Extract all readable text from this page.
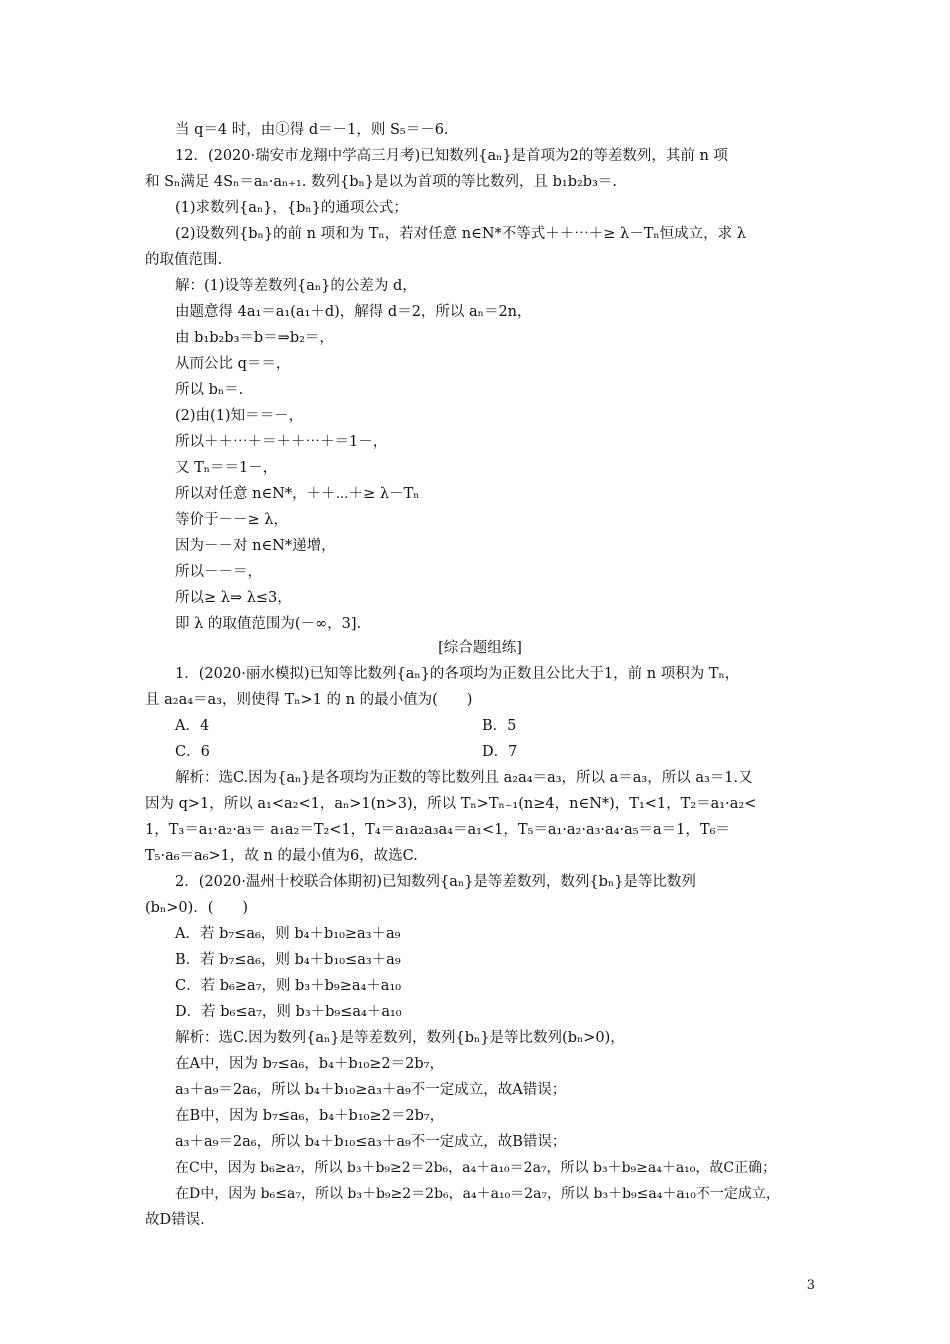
当 q＝4 时，由①得 d＝－1，则 S₅＝－6.
12．(2020·瑞安市龙翔中学高三月考)已知数列{aₙ}是首项为2的等差数列，其前 n 项
和 Sₙ满足 4Sₙ＝aₙ·aₙ₊₁. 数列{bₙ}是以为首项的等比数列，且 b₁b₂b₃＝.
(1)求数列{aₙ}，{bₙ}的通项公式；
(2)设数列{bₙ}的前 n 项和为 Tₙ，若对任意 n∈N*不等式＋＋⋯＋≥ λ－Tₙ恒成立，求 λ
的取值范围.
解：(1)设等差数列{aₙ}的公差为 d，
由题意得 4a₁＝a₁(a₁＋d)，解得 d＝2，所以 aₙ＝2n，
由 b₁b₂b₃＝b＝⇒b₂＝，
从而公比 q＝＝，
所以 bₙ＝.
(2)由(1)知＝＝－，
所以＋＋⋯＋＝＋＋⋯＋＝1－，
又 Tₙ＝＝1－，
所以对任意 n∈N*，＋＋⋯＋≥ λ－Tₙ
等价于－－≥ λ，
因为－－对 n∈N*递增，
所以－－＝，
所以≥ λ⇒ λ≤3，
即 λ 的取值范围为(－∞，3].
[综合题组练]
1．(2020·丽水模拟)已知等比数列{aₙ}的各项均为正数且公比大于1，前 n 项积为 Tₙ，
且 a₂a₄＝a₃，则使得 Tₙ>1 的 n 的最小值为(　　)
A．4	B．5
C．6	D．7
解析：选C.因为{aₙ}是各项均为正数的等比数列且 a₂a₄＝a₃，所以 a＝a₃，所以 a₃＝1.又
因为 q>1，所以 a₁<a₂<1，aₙ>1(n>3)，所以 Tₙ>Tₙ₋₁(n≥4，n∈N*)，T₁<1，T₂＝a₁·a₂<
1，T₃＝a₁·a₂·a₃＝ a₁a₂＝T₂<1，T₄＝a₁a₂a₃a₄＝a₁<1，T₅＝a₁·a₂·a₃·a₄·a₅＝a＝1，T₆＝
T₅·a₆＝a₆>1，故 n 的最小值为6，故选C.
2．(2020·温州十校联合体期初)已知数列{aₙ}是等差数列，数列{bₙ}是等比数列
(bₙ>0)．(　　)
A．若 b₇≤a₆，则 b₄＋b₁₀≥a₃＋a₉
B．若 b₇≤a₆，则 b₄＋b₁₀≤a₃＋a₉
C．若 b₆≥a₇，则 b₃＋b₉≥a₄＋a₁₀
D．若 b₆≤a₇，则 b₃＋b₉≤a₄＋a₁₀
解析：选C.因为数列{aₙ}是等差数列，数列{bₙ}是等比数列(bₙ>0)，
在A中，因为 b₇≤a₆，b₄＋b₁₀≥2＝2b₇，
a₃＋a₉＝2a₆，所以 b₄＋b₁₀≥a₃＋a₉不一定成立，故A错误；
在B中，因为 b₇≤a₆，b₄＋b₁₀≥2＝2b₇，
a₃＋a₉＝2a₆，所以 b₄＋b₁₀≤a₃＋a₉不一定成立，故B错误；
在C中，因为 b₆≥a₇，所以 b₃＋b₉≥2＝2b₆，a₄＋a₁₀＝2a₇，所以 b₃＋b₉≥a₄＋a₁₀，故C正确；
在D中，因为 b₆≤a₇，所以 b₃＋b₉≥2＝2b₆，a₄＋a₁₀＝2a₇，所以 b₃＋b₉≤a₄＋a₁₀不一定成立，
故D错误.
3
